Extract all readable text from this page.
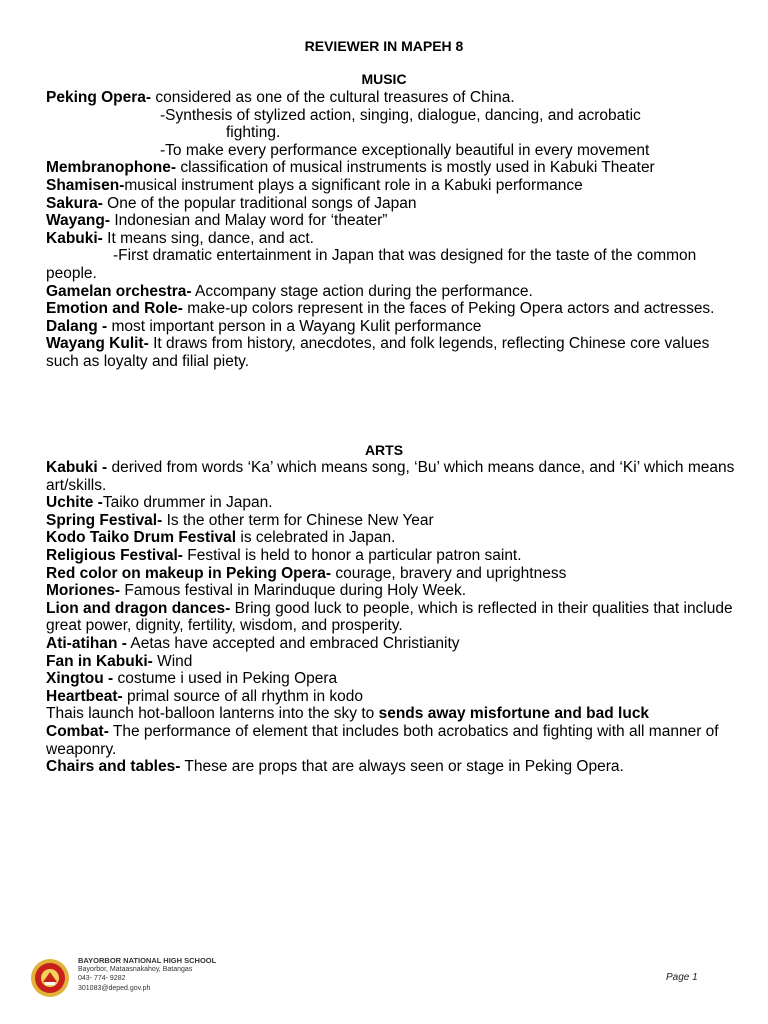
REVIEWER IN MAPEH 8
MUSIC

Peking Opera- considered as one of the cultural treasures of China.

-Synthesis of stylized action, singing, dialogue, dancing, and acrobatic

fighting.

-To make every performance exceptionally beautiful in every movement

Membranophone- classification of musical instruments is mostly used in Kabuki Theater

Shamisen-musical instrument plays a significant role in a Kabuki performance

Sakura- One of the popular traditional songs of Japan

Wayang- Indonesian and Malay word for ‘theater”

Kabuki- It means sing, dance, and act.

-First dramatic entertainment in Japan that was designed for the taste of the common people.

Gamelan orchestra- Accompany stage action during the performance.

Emotion and Role- make-up colors represent in the faces of Peking Opera actors and actresses.

Dalang - most important person in a Wayang Kulit performance

Wayang Kulit- It draws from history, anecdotes, and folk legends, reflecting Chinese core values such as loyalty and filial piety.

ARTS

Kabuki - derived from words ‘Ka’ which means song, ‘Bu’ which means dance, and ‘Ki’ which means art/skills.

Uchite -Taiko drummer in Japan.

Spring Festival- Is the other term for Chinese New Year

Kodo Taiko Drum Festival is celebrated in Japan.

Religious Festival- Festival is held to honor a particular patron saint.

Red color on makeup in Peking Opera- courage, bravery and uprightness

Moriones- Famous festival in Marinduque during Holy Week.

Lion and dragon dances- Bring good luck to people, which is reflected in their qualities that include great power, dignity, fertility, wisdom, and prosperity.

Ati-atihan - Aetas have accepted and embraced Christianity

Fan in Kabuki- Wind

Xingtou - costume i used in Peking Opera

Heartbeat- primal source of all rhythm in kodo

Thais launch hot-balloon lanterns into the sky to sends away misfortune and bad luck

Combat- The performance of element that includes both acrobatics and fighting with all manner of weaponry.

Chairs and tables- These are props that are always seen or stage in Peking Opera.

BAYORBOR NATIONAL HIGH SCHOOL
Bayorbor, Mataasnakahoy, Batangas
043- 774- 9282
301083@deped.gov.ph
Page 1
